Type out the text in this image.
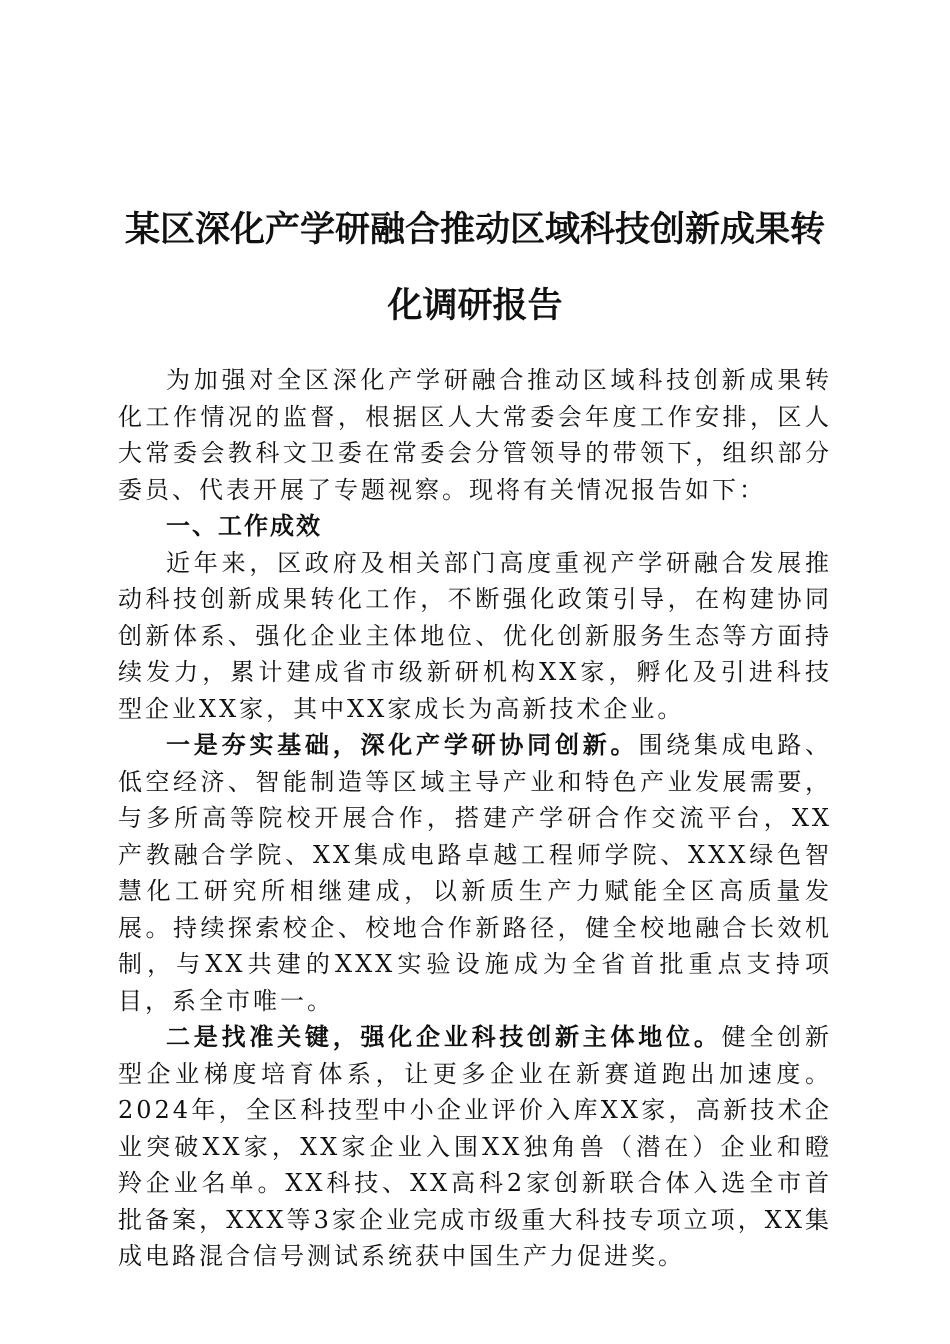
某区深化产学研融合推动区域科技创新成果转化调研报告

为加强对全区深化产学研融合推动区域科技创新成果转化工作情况的监督，根据区人大常委会年度工作安排，区人大常委会教科文卫委在常委会分管领导的带领下，组织部分委员、代表开展了专题视察。现将有关情况报告如下：

一、工作成效

近年来，区政府及相关部门高度重视产学研融合发展推动科技创新成果转化工作，不断强化政策引导，在构建协同创新体系、强化企业主体地位、优化创新服务生态等方面持续发力，累计建成省市级新研机构XX家，孵化及引进科技型企业XX家，其中XX家成长为高新技术企业。

一是夯实基础，深化产学研协同创新。围绕集成电路、低空经济、智能制造等区域主导产业和特色产业发展需要，与多所高等院校开展合作，搭建产学研合作交流平台，XX产教融合学院、XX集成电路卓越工程师学院、XXX绿色智慧化工研究所相继建成，以新质生产力赋能全区高质量发展。持续探索校企、校地合作新路径，健全校地融合长效机制，与XX共建的XXX实验设施成为全省首批重点支持项目，系全市唯一。

二是找准关键，强化企业科技创新主体地位。健全创新型企业梯度培育体系，让更多企业在新赛道跑出加速度。2024年，全区科技型中小企业评价入库XX家，高新技术企业突破XX家，XX家企业入围XX独角兽（潜在）企业和瞪羚企业名单。XX科技、XX高科2家创新联合体入选全市首批备案，XXX等3家企业完成市级重大科技专项立项，XX集成电路混合信号测试系统获中国生产力促进奖。
